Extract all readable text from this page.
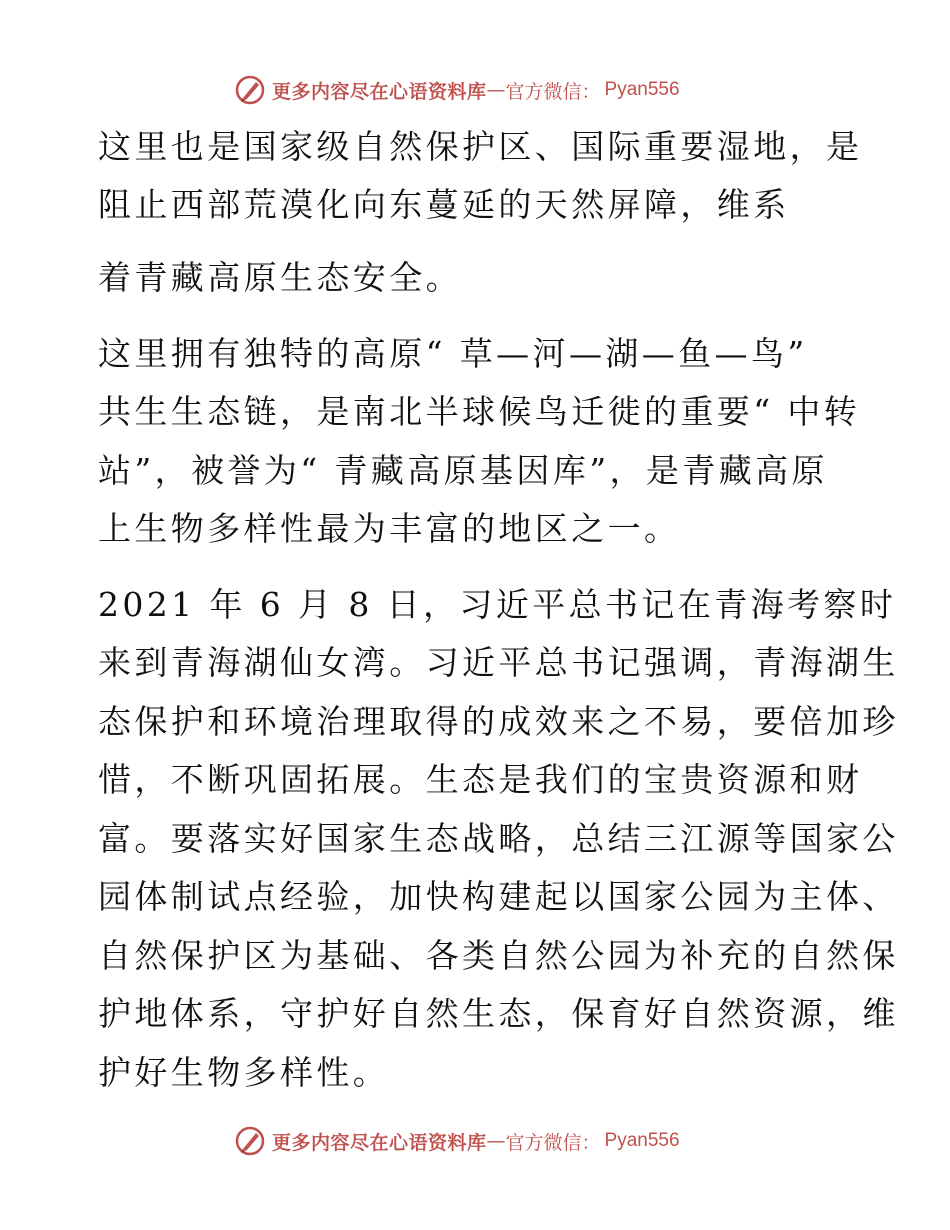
更多内容尽在心语资料库 — 官方微信： Pyan556
这里也是国家级自然保护区、国际重要湿地，是
阻止西部荒漠化向东蔓延的天然屏障，维系
着青藏高原生态安全。
这里拥有独特的高原“ 草—河—湖—鱼—鸟”
共生生态链，是南北半球候鸟迁徙的重要“ 中转
站”，被誉为“ 青藏高原基因库”，是青藏高原
上生物多样性最为丰富的地区之一。
2021 年 6 月 8 日，习近平总书记在青海考察时
来到青海湖仙女湾。习近平总书记强调，青海湖生
态保护和环境治理取得的成效来之不易，要倍加珍
惜，不断巩固拓展。生态是我们的宝贵资源和财
富。要落实好国家生态战略，总结三江源等国家公
园体制试点经验，加快构建起以国家公园为主体、
自然保护区为基础、各类自然公园为补充的自然保
护地体系，守护好自然生态，保育好自然资源，维
护好生物多样性。
更多内容尽在心语资料库 — 官方微信： Pyan556
